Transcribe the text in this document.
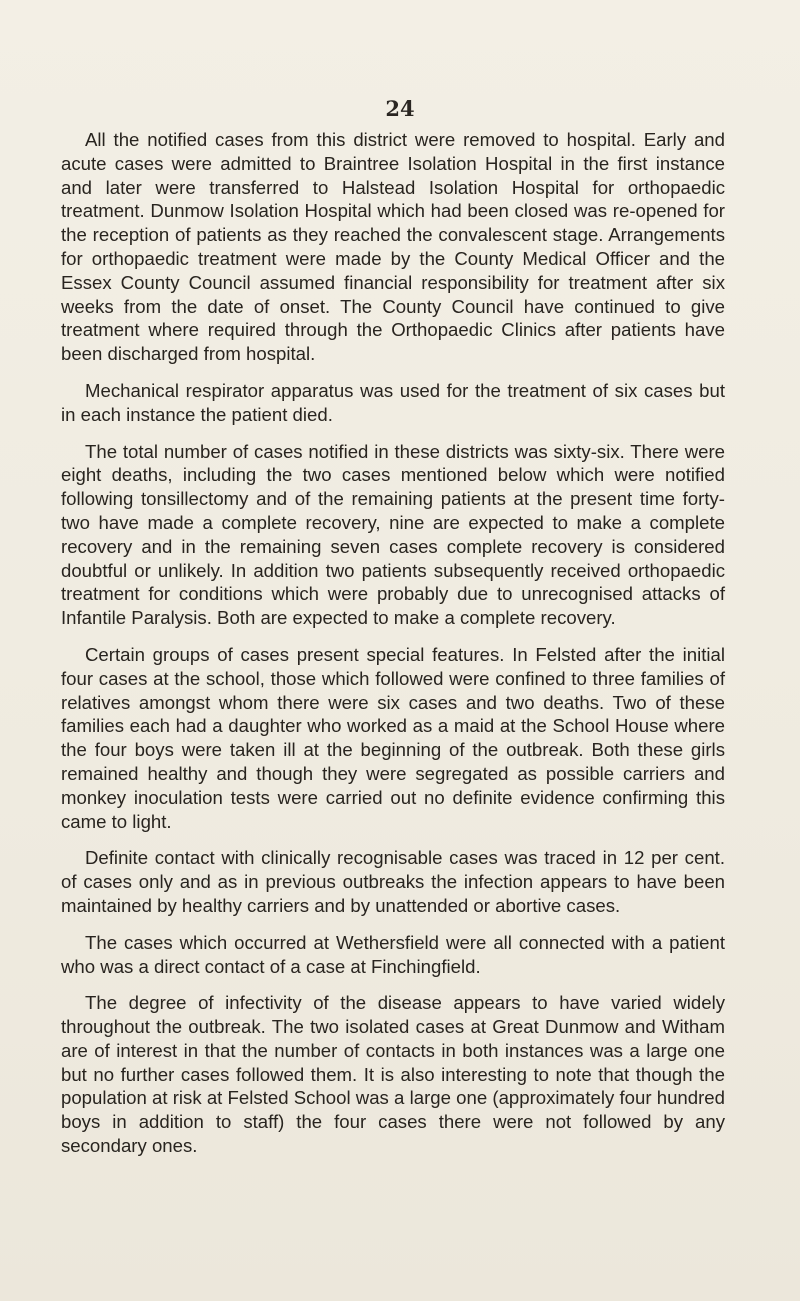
24

All the notified cases from this district were removed to hospital. Early and acute cases were admitted to Braintree Isolation Hospital in the first instance and later were transferred to Halstead Isolation Hospital for orthopaedic treatment. Dunmow Isolation Hospital which had been closed was re-opened for the reception of patients as they reached the convalescent stage. Arrangements for orthopaedic treatment were made by the County Medical Officer and the Essex County Council assumed financial responsibility for treatment after six weeks from the date of onset. The County Council have continued to give treatment where required through the Orthopaedic Clinics after patients have been discharged from hospital.

Mechanical respirator apparatus was used for the treatment of six cases but in each instance the patient died.

The total number of cases notified in these districts was sixty-six. There were eight deaths, including the two cases mentioned below which were notified following tonsillectomy and of the remaining patients at the present time forty-two have made a complete recovery, nine are expected to make a complete recovery and in the remaining seven cases complete recovery is considered doubtful or unlikely. In addition two patients subsequently received orthopaedic treatment for conditions which were probably due to unrecognised attacks of Infantile Paralysis. Both are expected to make a complete recovery.

Certain groups of cases present special features. In Felsted after the initial four cases at the school, those which followed were confined to three families of relatives amongst whom there were six cases and two deaths. Two of these families each had a daughter who worked as a maid at the School House where the four boys were taken ill at the beginning of the outbreak. Both these girls remained healthy and though they were segregated as possible carriers and monkey inoculation tests were carried out no definite evidence confirming this came to light.

Definite contact with clinically recognisable cases was traced in 12 per cent. of cases only and as in previous outbreaks the infection appears to have been maintained by healthy carriers and by unattended or abortive cases.

The cases which occurred at Wethersfield were all connected with a patient who was a direct contact of a case at Finchingfield.

The degree of infectivity of the disease appears to have varied widely throughout the outbreak. The two isolated cases at Great Dunmow and Witham are of interest in that the number of contacts in both instances was a large one but no further cases followed them. It is also interesting to note that though the population at risk at Felsted School was a large one (approximately four hundred boys in addition to staff) the four cases there were not followed by any secondary ones.
